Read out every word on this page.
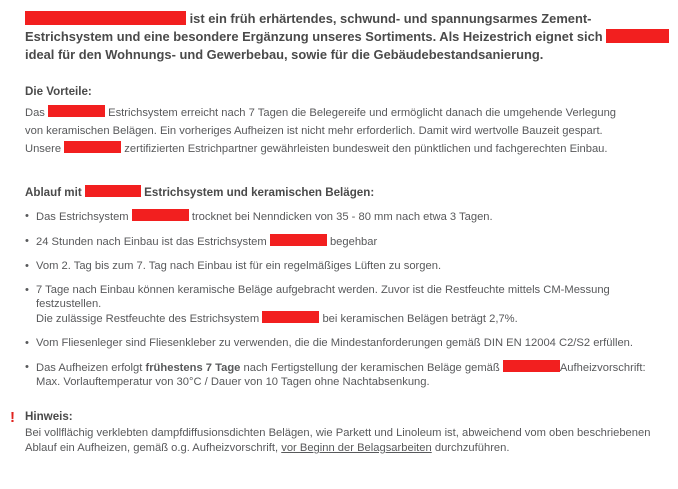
ist ein früh erhärtendes, schwund- und spannungsarmes Zement-Estrichsystem und eine besondere Ergänzung unseres Sortiments. Als Heizestrich eignet sich  ideal für den Wohnungs- und Gewerbebau, sowie für die Gebäudebestandsanierung.
Die Vorteile:

Das	Estrichsystem erreicht nach 7 Tagen die Belegereife und ermöglicht danach die umgehende Verlegung

von keramischen Belägen. Ein vorheriges Aufheizen ist nicht mehr erforderlich. Damit wird wertvolle Bauzeit gespart.

Unsere	zertifizierten Estrichpartner gewährleisten bundesweit den pünktlichen und fachgerechten Einbau.

Ablauf mit	Estrichsystem und keramischen Belägen:
• Das Estrichsystem	trocknet bei Nenndicken von 35 - 80 mm nach etwa 3 Tagen.
• 24 Stunden nach Einbau ist das Estrichsystem	begehbar
• Vom 2. Tag bis zum 7. Tag nach Einbau ist für ein regelmäßiges Lüften zu sorgen.
• 7 Tage nach Einbau können keramische Beläge aufgebracht werden. Zuvor ist die Restfeuchte mittels CM-Messung festzustellen.
Die zulässige Restfeuchte des Estrichsystem	bei keramischen Belägen beträgt 2,7%.
• Vom Fliesenleger sind Fliesenkleber zu verwenden, die die Mindestanforderungen gemäß DIN EN 12004 C2/S2 erfüllen.
• Das Aufheizen erfolgt frühestens 7 Tage nach Fertigstellung der keramischen Beläge gemäß	Aufheizvorschrift:
Max. Vorlauftemperatur von 30°C / Dauer von 10 Tagen ohne Nachtabsenkung.
! Hinweis:
Bei vollflächig verklebten dampfdiffusionsdichten Belägen, wie Parkett und Linoleum ist, abweichend vom oben beschriebenen Ablauf ein Aufheizen, gemäß o.g. Aufheizvorschrift, vor Beginn der Belagsarbeiten durchzuführen.
